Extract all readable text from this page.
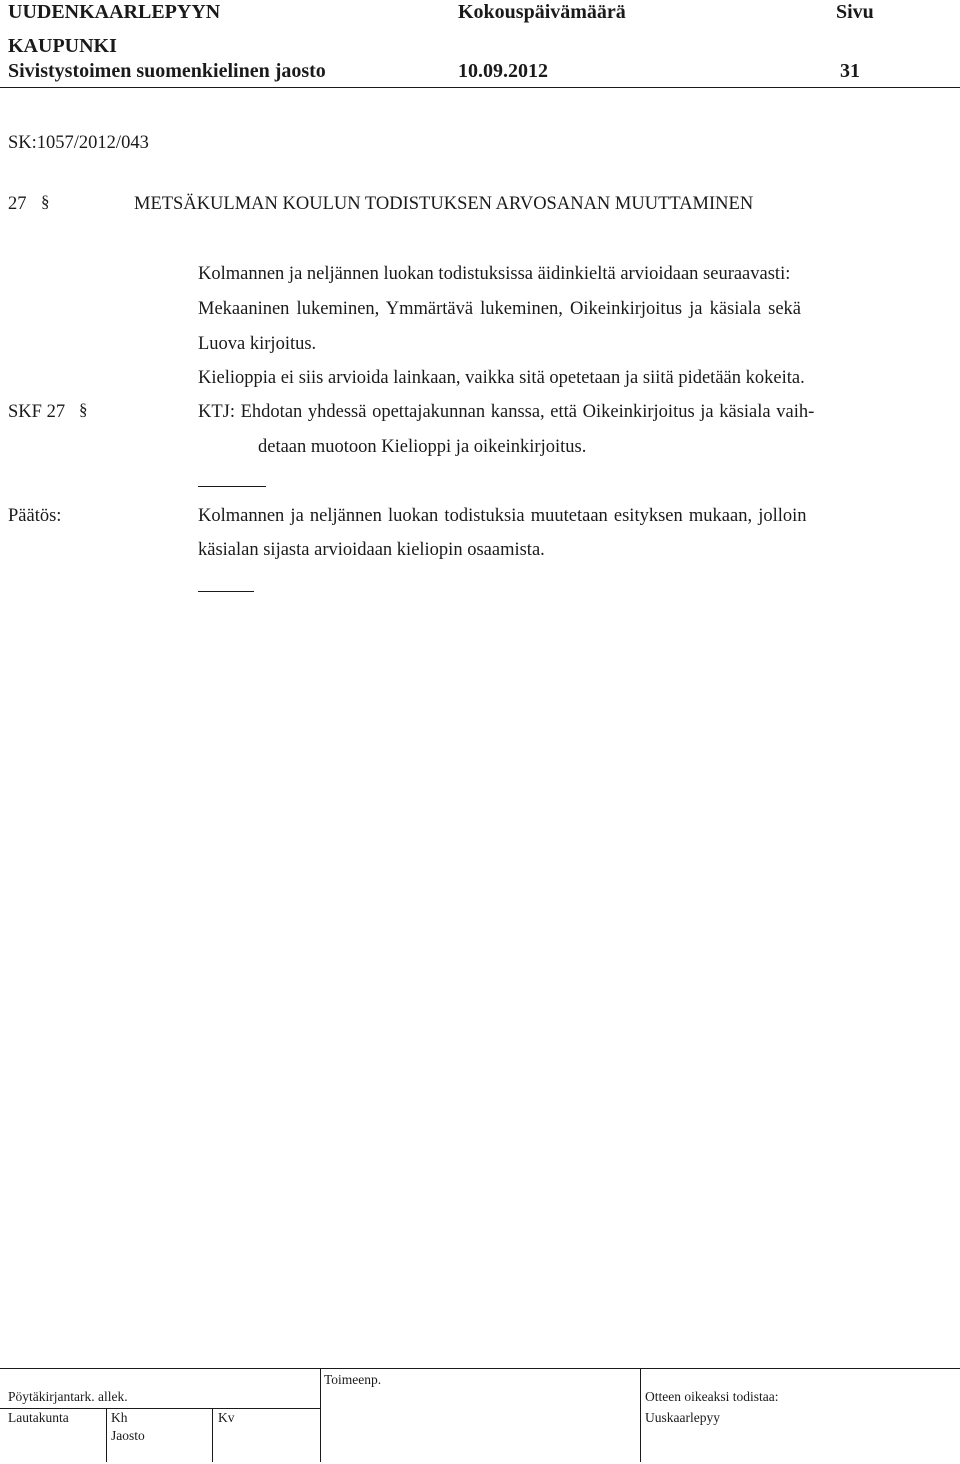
UUDENKAARLEPYYN
KAUPUNKI
Sivistystoimen suomenkielinen jaosto
Kokouspäivämäärä
10.09.2012
Sivu
31
SK:1057/2012/043
27 §	METSÄKULMAN KOULUN TODISTUKSEN ARVOSANAN MUUTTAMINEN
Kolmannen ja neljännen luokan todistuksissa äidinkieltä arvioidaan seuraavasti:
Mekaaninen lukeminen, Ymmärtävä lukeminen, Oikeinkirjoitus ja käsiala sekä
Luova kirjoitus.
Kielioppia ei siis arvioida lainkaan, vaikka sitä opetetaan ja siitä pidetään kokeita.
SKF 27 §	KTJ: Ehdotan yhdessä opettajakunnan kanssa, että Oikeinkirjoitus ja käsiala vaih-
detaan muotoon Kielioppi ja oikeinkirjoitus.
Päätös:	Kolmannen ja neljännen luokan todistuksia muutetaan esityksen mukaan, jolloin
käsialan sijasta arvioidaan kieliopin osaamista.
Toimeenp.
Pöytäkirjantark. allek.
Lautakunta	Kh	Kv
Jaosto
Otteen oikeaksi todistaa:
Uuskaarlepyy
